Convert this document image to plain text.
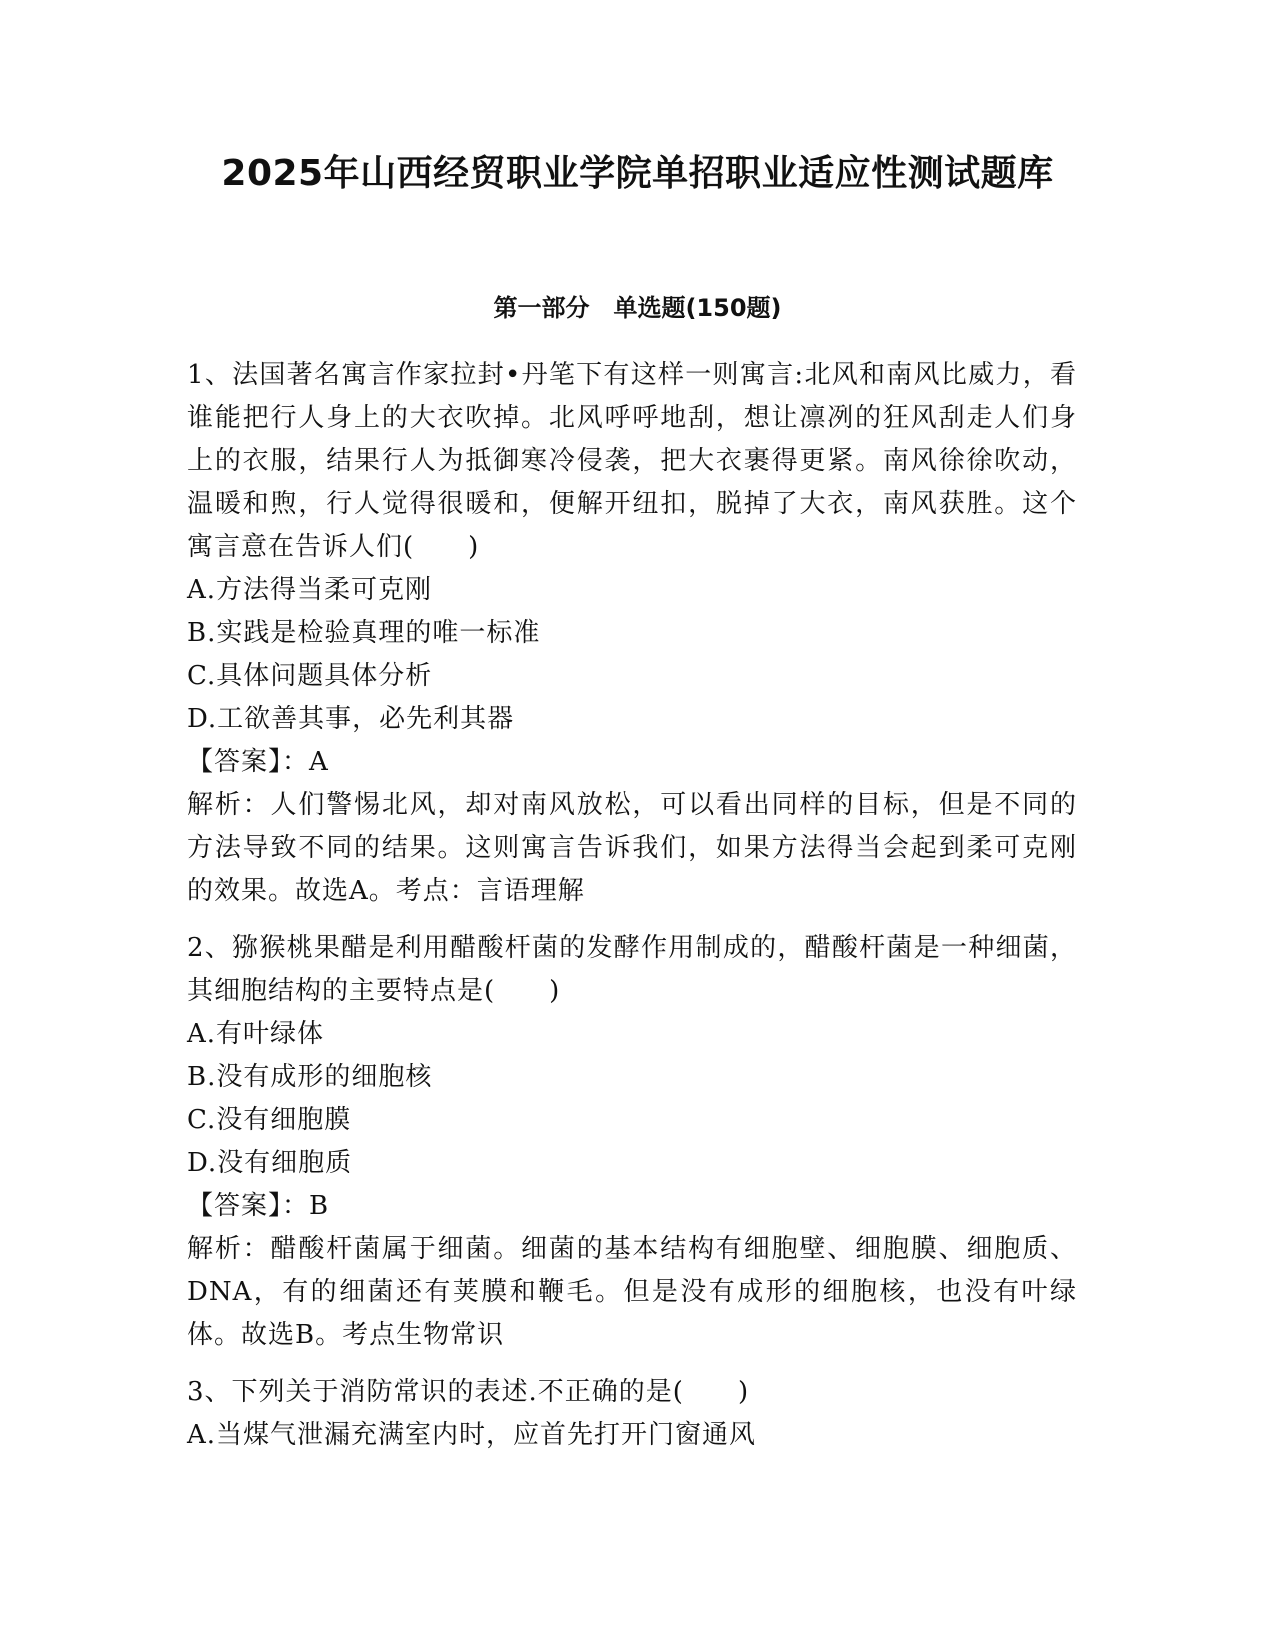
2025年山西经贸职业学院单招职业适应性测试题库
第一部分　单选题(150题)

1、法国著名寓言作家拉封•丹笔下有这样一则寓言:北风和南风比威力，看谁能把行人身上的大衣吹掉。北风呼呼地刮，想让凛冽的狂风刮走人们身上的衣服，结果行人为抵御寒冷侵袭，把大衣裹得更紧。南风徐徐吹动，温暖和煦，行人觉得很暖和，便解开纽扣，脱掉了大衣，南风获胜。这个寓言意在告诉人们(　　)

A.方法得当柔可克刚

B.实践是检验真理的唯一标准

C.具体问题具体分析

D.工欲善其事，必先利其器

【答案】：A

解析：人们警惕北风，却对南风放松，可以看出同样的目标，但是不同的方法导致不同的结果。这则寓言告诉我们，如果方法得当会起到柔可克刚的效果。故选A。考点：言语理解

2、猕猴桃果醋是利用醋酸杆菌的发酵作用制成的，醋酸杆菌是一种细菌，其细胞结构的主要特点是(　　)

A.有叶绿体

B.没有成形的细胞核

C.没有细胞膜

D.没有细胞质

【答案】：B

解析：醋酸杆菌属于细菌。细菌的基本结构有细胞壁、细胞膜、细胞质、DNA，有的细菌还有荚膜和鞭毛。但是没有成形的细胞核，也没有叶绿体。故选B。考点生物常识

3、下列关于消防常识的表述.不正确的是(　　)

A.当煤气泄漏充满室内时，应首先打开门窗通风
